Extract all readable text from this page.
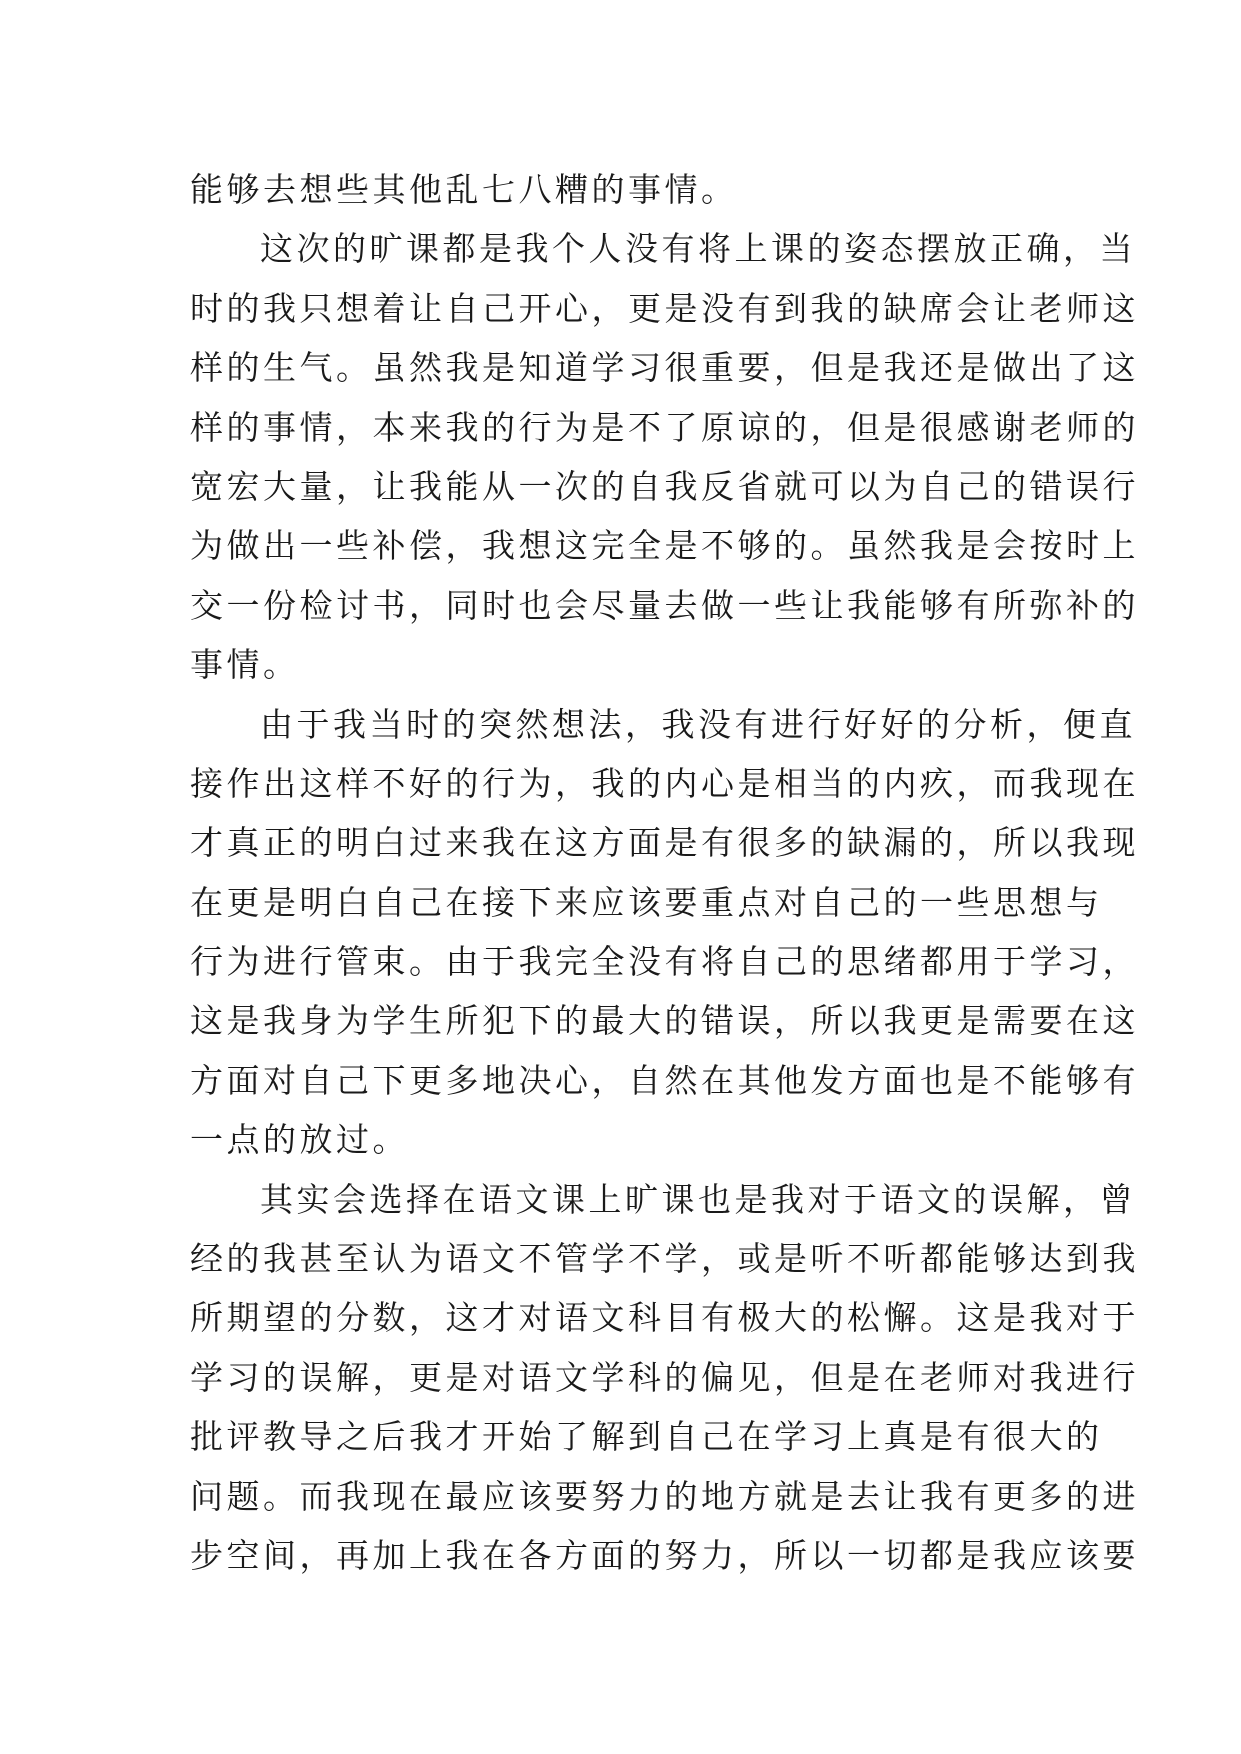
能够去想些其他乱七八糟的事情。
这次的旷课都是我个人没有将上课的姿态摆放正确，当
时的我只想着让自己开心，更是没有到我的缺席会让老师这
样的生气。虽然我是知道学习很重要，但是我还是做出了这
样的事情，本来我的行为是不了原谅的，但是很感谢老师的
宽宏大量，让我能从一次的自我反省就可以为自己的错误行
为做出一些补偿，我想这完全是不够的。虽然我是会按时上
交一份检讨书，同时也会尽量去做一些让我能够有所弥补的
事情。
由于我当时的突然想法，我没有进行好好的分析，便直
接作出这样不好的行为，我的内心是相当的内疚，而我现在
才真正的明白过来我在这方面是有很多的缺漏的，所以我现
在更是明白自己在接下来应该要重点对自己的一些思想与
行为进行管束。由于我完全没有将自己的思绪都用于学习，
这是我身为学生所犯下的最大的错误，所以我更是需要在这
方面对自己下更多地决心，自然在其他发方面也是不能够有
一点的放过。
其实会选择在语文课上旷课也是我对于语文的误解，曾
经的我甚至认为语文不管学不学，或是听不听都能够达到我
所期望的分数，这才对语文科目有极大的松懈。这是我对于
学习的误解，更是对语文学科的偏见，但是在老师对我进行
批评教导之后我才开始了解到自己在学习上真是有很大的
问题。而我现在最应该要努力的地方就是去让我有更多的进
步空间，再加上我在各方面的努力，所以一切都是我应该要
